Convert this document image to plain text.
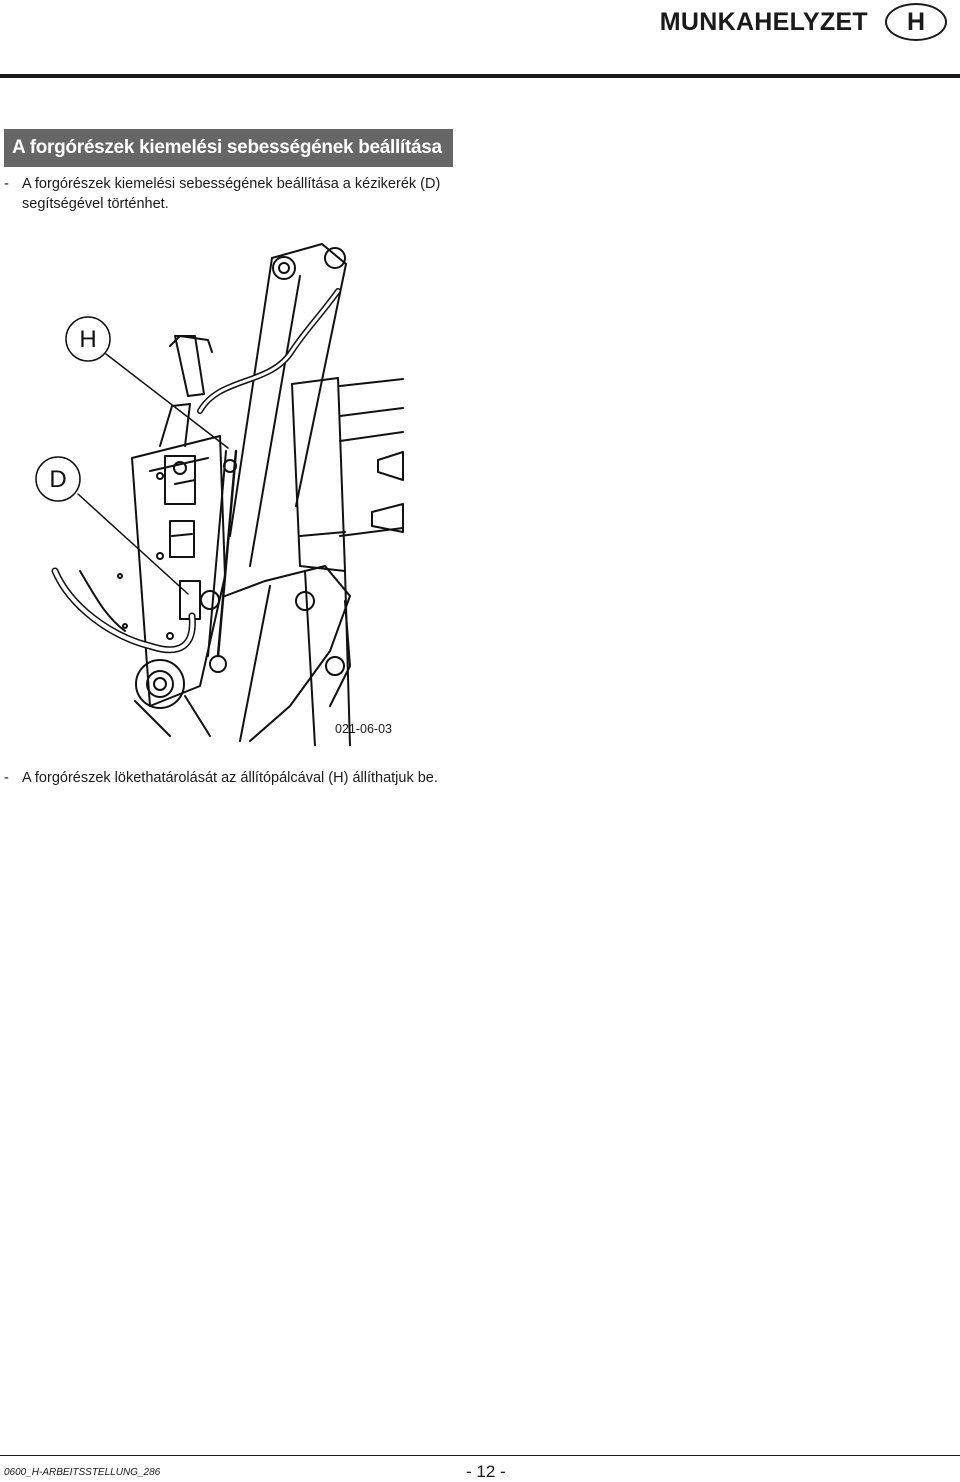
MUNKAHELYZET	H
A forgórészek kiemelési sebességének beállítása
- A forgórészek kiemelési sebességének beállítása a kézikerék (D) segítségével történhet.
H
D
021-06-03
- A forgórészek lökethatárolását az állítópálcával (H) állíthatjuk be.
0600_H-ARBEITSSTELLUNG_286	- 12 -
